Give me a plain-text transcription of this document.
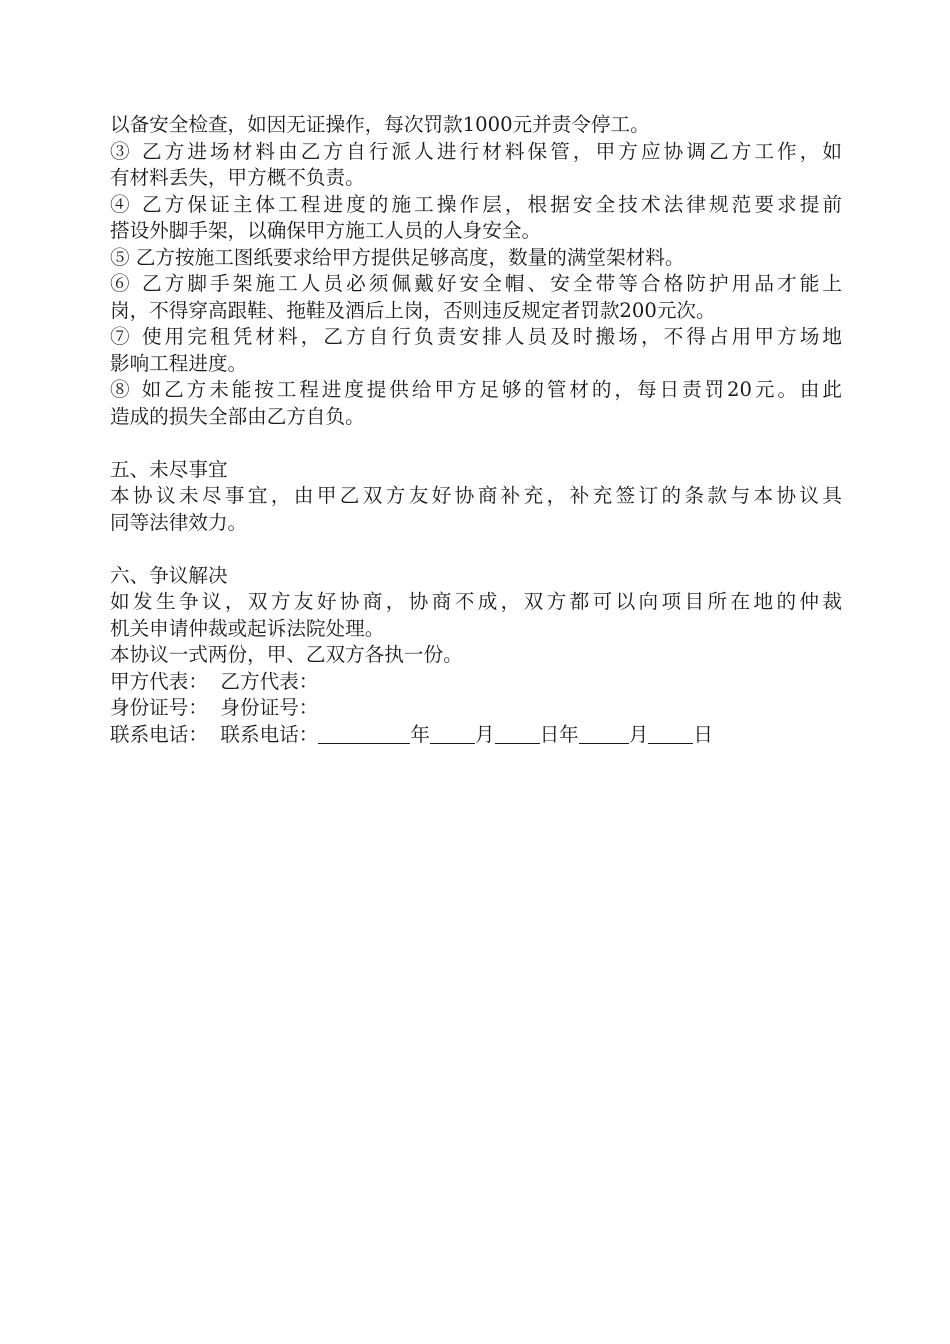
以备安全检查，如因无证操作，每次罚款1000元并责令停工。
③ 乙方进场材料由乙方自行派人进行材料保管，甲方应协调乙方工作，如
有材料丢失，甲方概不负责。
④ 乙方保证主体工程进度的施工操作层，根据安全技术法律规范要求提前
搭设外脚手架，以确保甲方施工人员的人身安全。
⑤ 乙方按施工图纸要求给甲方提供足够高度，数量的满堂架材料。
⑥ 乙方脚手架施工人员必须佩戴好安全帽、安全带等合格防护用品才能上
岗，不得穿高跟鞋、拖鞋及酒后上岗，否则违反规定者罚款200元次。
⑦ 使用完租凭材料，乙方自行负责安排人员及时搬场，不得占用甲方场地
影响工程进度。
⑧ 如乙方未能按工程进度提供给甲方足够的管材的，每日责罚20元。由此
造成的损失全部由乙方自负。
五、未尽事宜
本协议未尽事宜，由甲乙双方友好协商补充，补充签订的条款与本协议具
同等法律效力。
六、争议解决
如发生争议，双方友好协商，协商不成，双方都可以向项目所在地的仲裁
机关申请仲裁或起诉法院处理。
本协议一式两份，甲、乙双方各执一份。
甲方代表：  乙方代表：
身份证号：  身份证号：
联系电话：  联系电话：	年 月 日年	月 日
